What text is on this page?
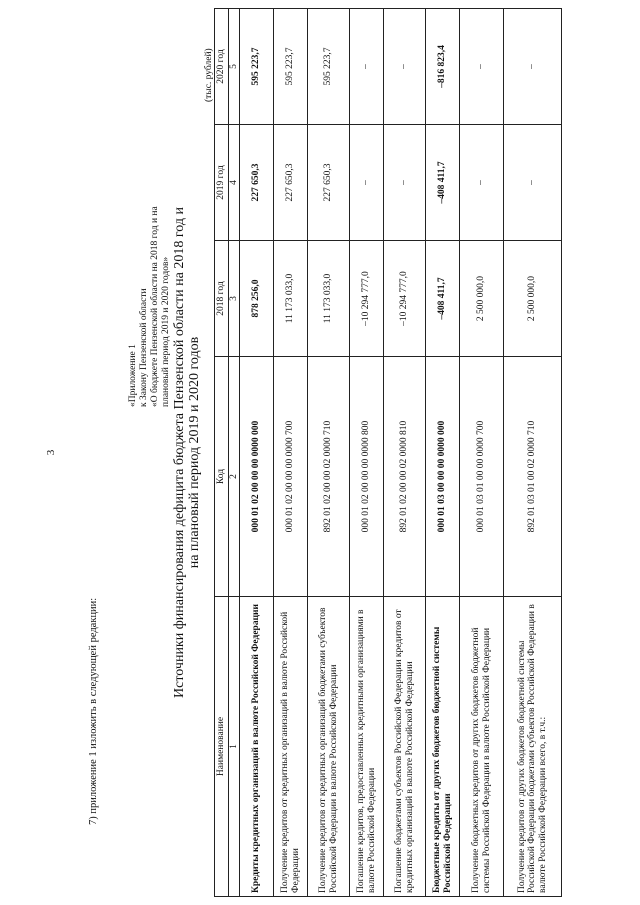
3
7) приложение 1 изложить в следующей редакции:
«Приложение 1 к Закону Пензенской области «О бюджете Пензенской области на 2018 год и на плановый период 2019 и 2020 годов» Источники финансирования дефицита бюджета Пензенской области на 2018 год и на плановый период 2019 и 2020 годов
(тыс. рублей)
Наименование	Код	2018 год	2019 год	2020 год
1	2	3	4	5
Кредиты кредитных организаций в валюте Российской Федерации	000 01 02 00 00 00 0000 000	878 256,0	227 650,3	595 223,7
Получение кредитов от кредитных организаций в валюте Российской Федерации	000 01 02 00 00 00 0000 700	11 173 033,0	227 650,3	595 223,7
Получение кредитов от кредитных организаций бюджетами субъектов Российской Федерации в валюте Российской Федерации	892 01 02 00 00 02 0000 710	11 173 033,0	227 650,3	595 223,7
Погашение кредитов, предоставленных кредитными организациями в валюте Российской Федерации	000 01 02 00 00 00 0000 800	–10 294 777,0	–	–
Погашение бюджетами субъектов Российской Федерации кредитов от кредитных организаций в валюте Российской Федерации	892 01 02 00 00 02 0000 810	–10 294 777,0	–	–
Бюджетные кредиты от других бюджетов бюджетной системы Российской Федерации	000 01 03 00 00 00 0000 000	–408 411,7	–408 411,7	–816 823,4
Получение бюджетных кредитов от других бюджетов бюджетной системы Российской Федерации в валюте Российской Федерации	000 01 03 01 00 00 0000 700	2 500 000,0	–	–
Получение кредитов от других бюджетов бюджетной системы Российской Федерации бюджетами субъектов Российской Федерации в валюте Российской Федерации всего, в т.ч.:	892 01 03 01 00 02 0000 710	2 500 000,0	–	–
